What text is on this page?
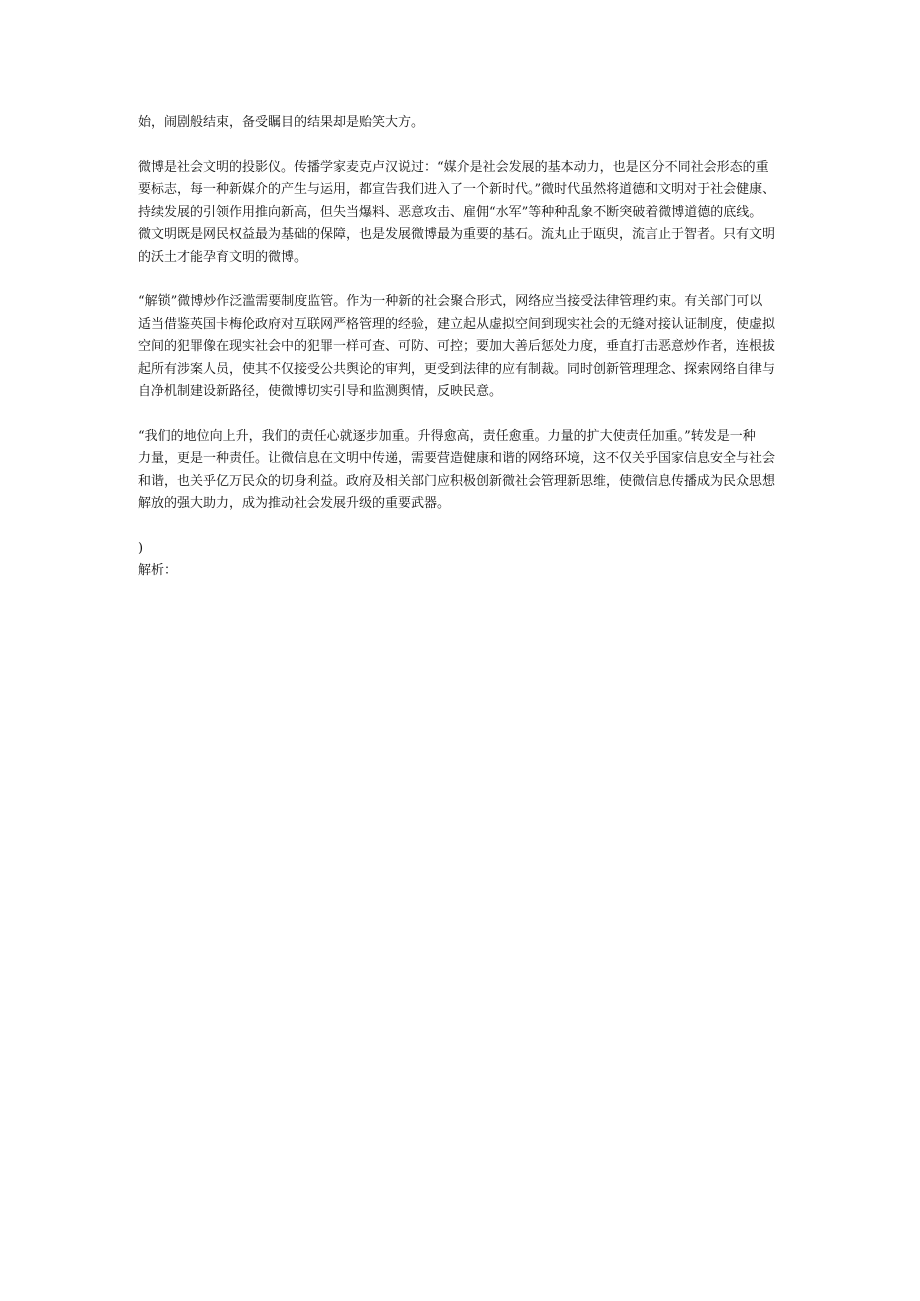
始，闹剧般结束，备受瞩目的结果却是贻笑大方。
微博是社会文明的投影仪。传播学家麦克卢汉说过：“媒介是社会发展的基本动力，也是区分不同社会形态的重
要标志，每一种新媒介的产生与运用，都宣告我们进入了一个新时代。”微时代虽然将道德和文明对于社会健康、
持续发展的引领作用推向新高，但失当爆料、恶意攻击、雇佣“水军”等种种乱象不断突破着微博道德的底线。
微文明既是网民权益最为基础的保障，也是发展微博最为重要的基石。流丸止于瓯臾，流言止于智者。只有文明
的沃土才能孕育文明的微博。
“解锁”微博炒作泛滥需要制度监管。作为一种新的社会聚合形式，网络应当接受法律管理约束。有关部门可以
适当借鉴英国卡梅伦政府对互联网严格管理的经验，建立起从虚拟空间到现实社会的无缝对接认证制度，使虚拟
空间的犯罪像在现实社会中的犯罪一样可查、可防、可控；要加大善后惩处力度，垂直打击恶意炒作者，连根拔
起所有涉案人员，使其不仅接受公共舆论的审判，更受到法律的应有制裁。同时创新管理理念、探索网络自律与
自净机制建设新路径，使微博切实引导和监测舆情，反映民意。
“我们的地位向上升，我们的责任心就逐步加重。升得愈高，责任愈重。力量的扩大使责任加重。”转发是一种
力量，更是一种责任。让微信息在文明中传递，需要营造健康和谐的网络环境，这不仅关乎国家信息安全与社会
和谐，也关乎亿万民众的切身利益。政府及相关部门应积极创新微社会管理新思维，使微信息传播成为民众思想
解放的强大助力，成为推动社会发展升级的重要武器。
)
解析：
